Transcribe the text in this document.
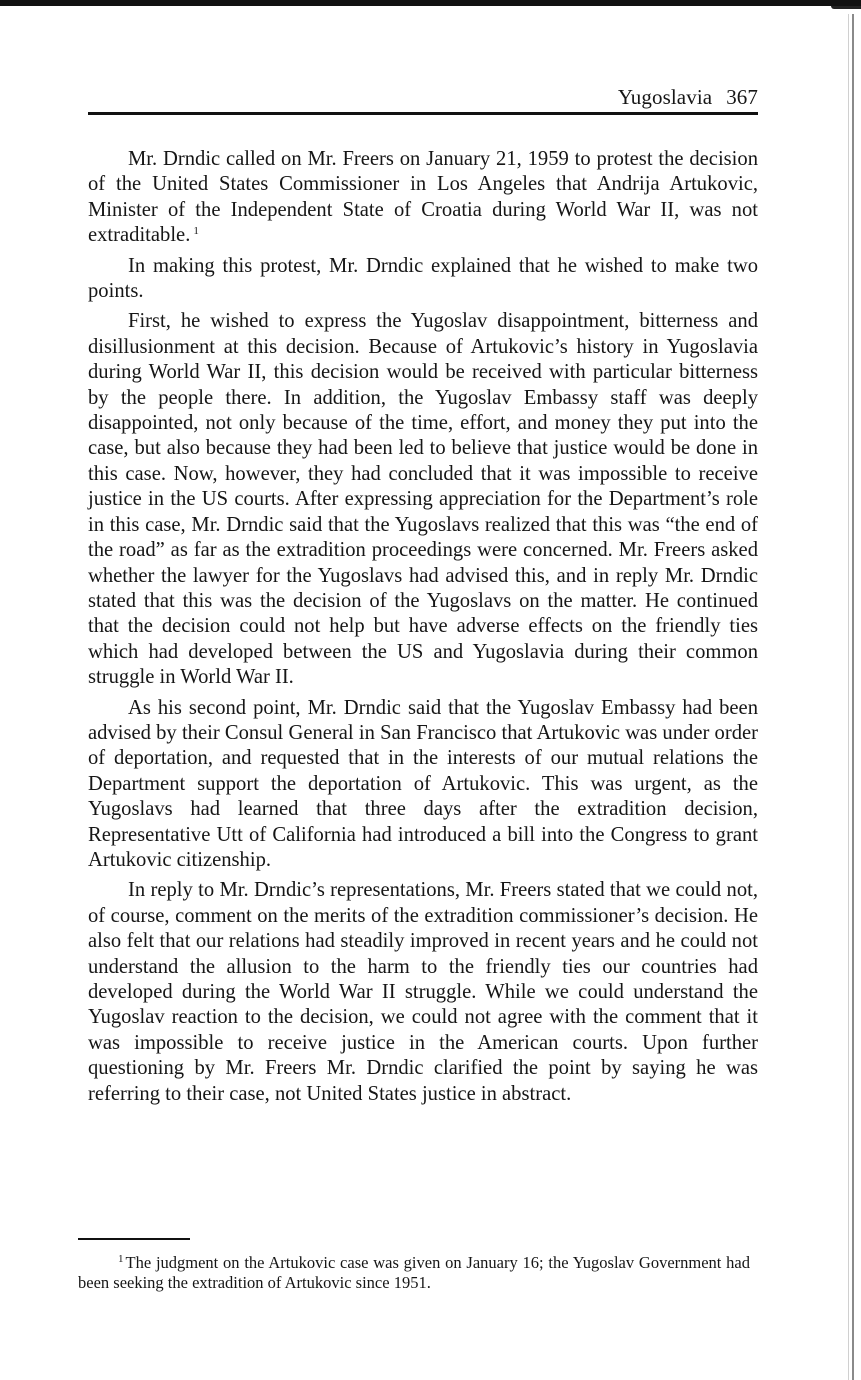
Yugoslavia 367

Mr. Drndic called on Mr. Freers on January 21, 1959 to protest the decision of the United States Commissioner in Los Angeles that Andrija Artukovic, Minister of the Independent State of Croatia during World War II, was not extraditable. $^1$

In making this protest, Mr. Drndic explained that he wished to make two points.

First, he wished to express the Yugoslav disappointment, bitterness and disillusionment at this decision. Because of Artukovic’s history in Yugoslavia during World War II, this decision would be received with particular bitterness by the people there. In addition, the Yugoslav Embassy staff was deeply disappointed, not only because of the time, effort, and money they put into the case, but also because they had been led to believe that justice would be done in this case. Now, however, they had concluded that it was impossible to receive justice in the US courts. After expressing appreciation for the Department’s role in this case, Mr. Drndic said that the Yugoslavs realized that this was “the end of the road” as far as the extradition proceedings were concerned. Mr. Freers asked whether the lawyer for the Yugoslavs had advised this, and in reply Mr. Drndic stated that this was the decision of the Yugoslavs on the matter. He continued that the decision could not help but have adverse effects on the friendly ties which had developed between the US and Yugoslavia during their common struggle in World War II.

As his second point, Mr. Drndic said that the Yugoslav Embassy had been advised by their Consul General in San Francisco that Artukovic was under order of deportation, and requested that in the interests of our mutual relations the Department support the deportation of Artukovic. This was urgent, as the Yugoslavs had learned that three days after the extradition decision, Representative Utt of California had introduced a bill into the Congress to grant Artukovic citizenship.

In reply to Mr. Drndic’s representations, Mr. Freers stated that we could not, of course, comment on the merits of the extradition commissioner’s decision. He also felt that our relations had steadily improved in recent years and he could not understand the allusion to the harm to the friendly ties our countries had developed during the World War II struggle. While we could understand the Yugoslav reaction to the decision, we could not agree with the comment that it was impossible to receive justice in the American courts. Upon further questioning by Mr. Freers Mr. Drndic clarified the point by saying he was referring to their case, not United States justice in abstract.

$^1$ The judgment on the Artukovic case was given on January 16; the Yugoslav Government had been seeking the extradition of Artukovic since 1951.
